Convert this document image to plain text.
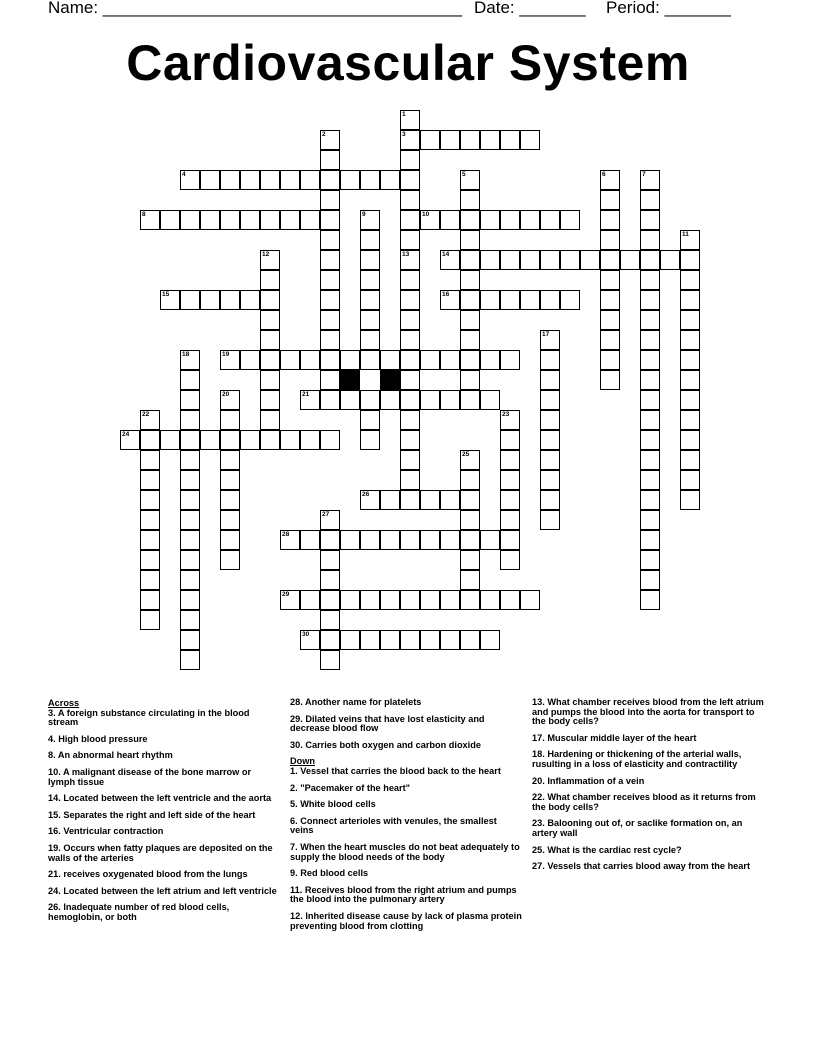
Name: ______________________________________ Date: _______ Period: _______
Cardiovascular System
1
2	3
4	5	6	7
8	9	10
11
12	13	14
15	16
17
18	19
20	21
22	23
24
25
26
27
28
29
30
Across
3. A foreign substance circulating in the blood stream
4. High blood pressure
8. An abnormal heart rhythm
10. A malignant disease of the bone marrow or lymph tissue
14. Located between the left ventricle and the aorta
15. Separates the right and left side of the heart
16. Ventricular contraction
19. Occurs when fatty plaques are deposited on the walls of the arteries
21. receives oxygenated blood from the lungs
24. Located between the left atrium and left ventricle
26. Inadequate number of red blood cells, hemoglobin, or both
28. Another name for platelets
29. Dilated veins that have lost elasticity and decrease blood flow
30. Carries both oxygen and carbon dioxide
Down
1. Vessel that carries the blood back to the heart
2. "Pacemaker of the heart"
5. White blood cells
6. Connect arterioles with venules, the smallest veins
7. When the heart muscles do not beat adequately to supply the blood needs of the body
9. Red blood cells
11. Receives blood from the right atrium and pumps the blood into the pulmonary artery
12. Inherited disease cause by lack of plasma protein preventing blood from clotting
13. What chamber receives blood from the left atrium and pumps the blood into the aorta for transport to the body cells?
17. Muscular middle layer of the heart
18. Hardening or thickening of the arterial walls, rusulting in a loss of elasticity and contractility
20. Inflammation of a vein
22. What chamber receives blood as it returns from the body cells?
23. Balooning out of, or saclike formation on, an artery wall
25. What is the cardiac rest cycle?
27. Vessels that carries blood away from the heart
